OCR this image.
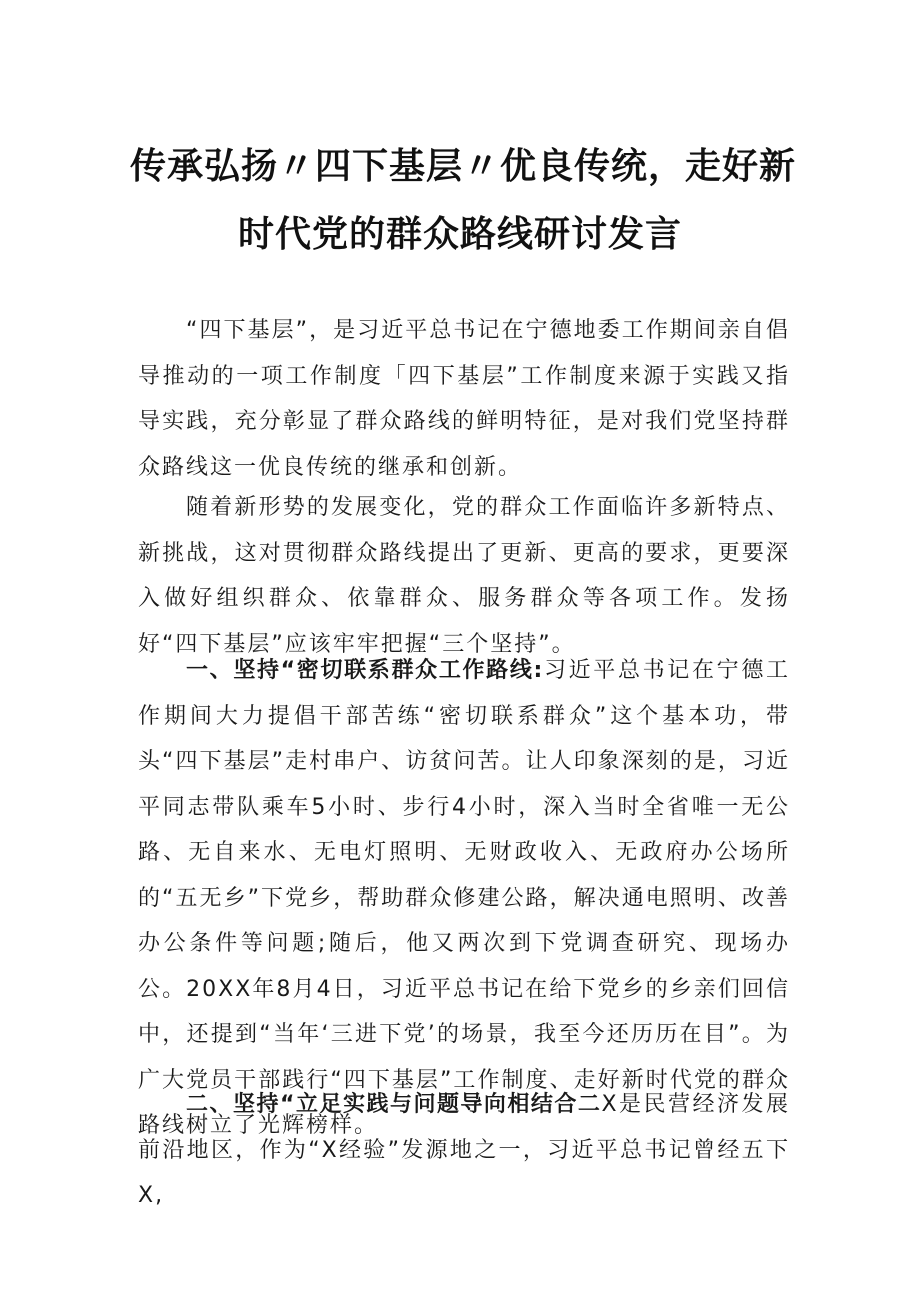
传承弘扬〃四下基层〃优良传统，走好新
时代党的群众路线研讨发言

“四下基层”，是习近平总书记在宁德地委工作期间亲自倡导推动的一项工作制度「四下基层”工作制度来源于实践又指导实践，充分彰显了群众路线的鲜明特征，是对我们党坚持群众路线这一优良传统的继承和创新。

随着新形势的发展变化，党的群众工作面临许多新特点、新挑战，这对贯彻群众路线提出了更新、更高的要求，更要深入做好组织群众、依靠群众、服务群众等各项工作。发扬好“四下基层”应该牢牢把握“三个坚持”。

一、坚持“密切联系群众工作路线:习近平总书记在宁德工作期间大力提倡干部苦练“密切联系群众”这个基本功，带头“四下基层”走村串户、访贫问苦。让人印象深刻的是，习近平同志带队乘车5小时、步行4小时，深入当时全省唯一无公路、无自来水、无电灯照明、无财政收入、无政府办公场所的“五无乡”下党乡，帮助群众修建公路，解决通电照明、改善办公条件等问题;随后，他又两次到下党调查研究、现场办公。20XX年8月4日，习近平总书记在给下党乡的乡亲们回信中，还提到“当年‘三进下党’的场景，我至今还历历在目”。为广大党员干部践行“四下基层”工作制度、走好新时代党的群众路线树立了光辉榜样。

二、坚持“立足实践与问题导向相结合二X是民营经济发展前沿地区，作为“X经验”发源地之一，习近平总书记曾经五下X,
